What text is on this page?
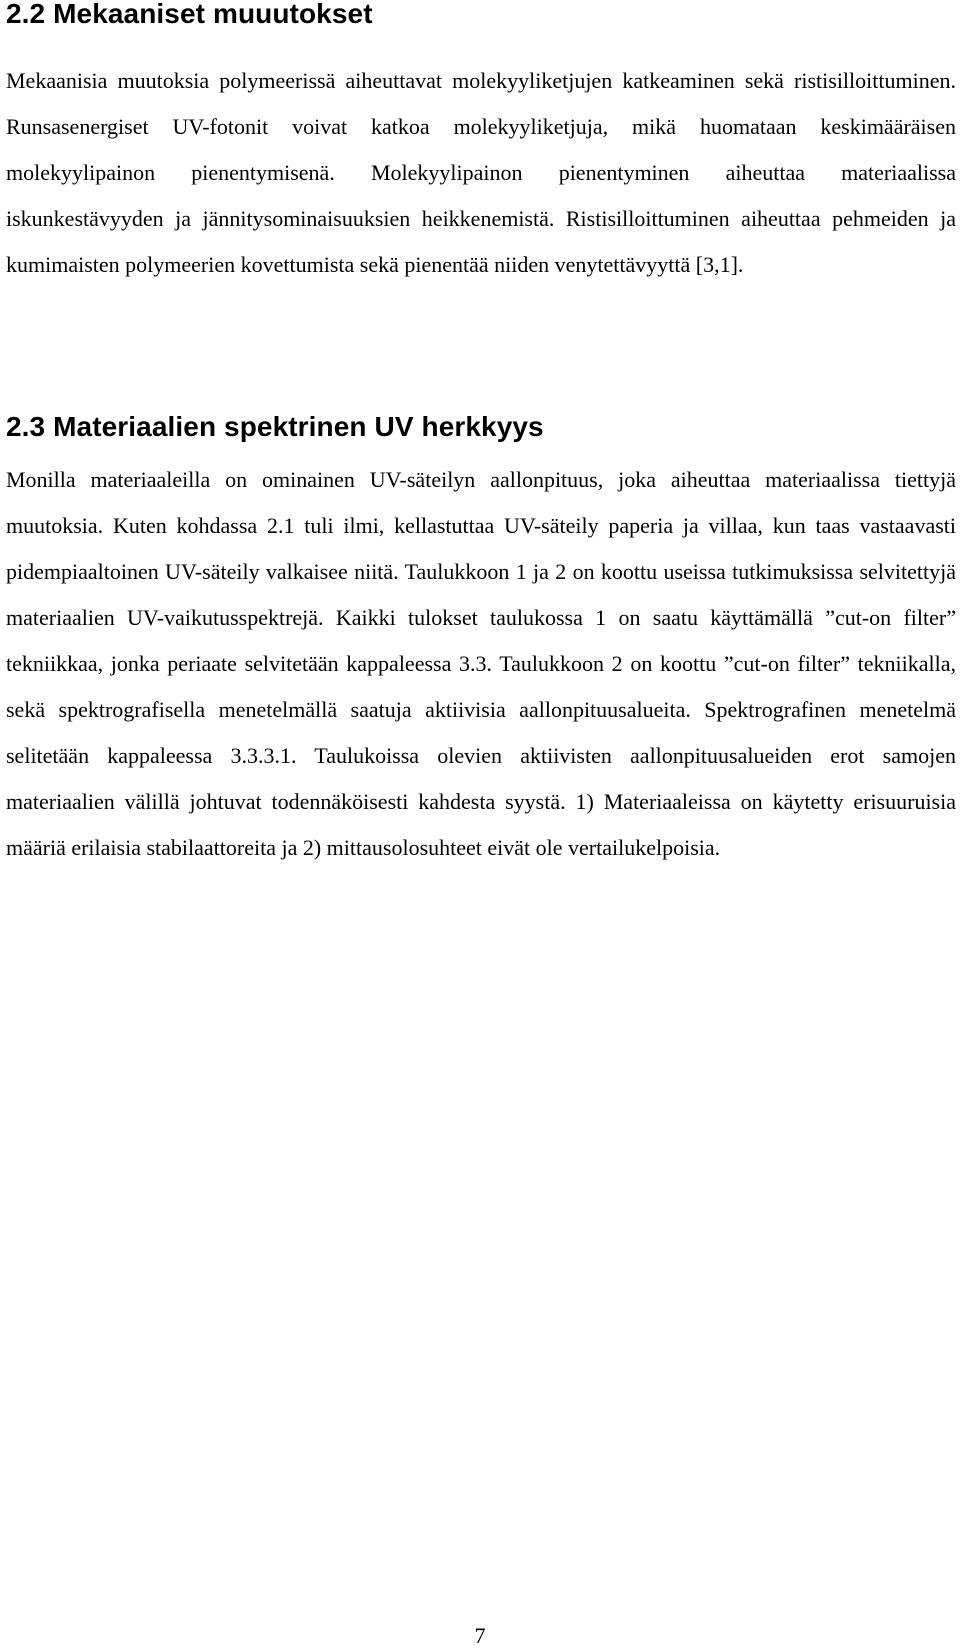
2.2 Mekaaniset muuutokset

Mekaanisia muutoksia polymeerissä aiheuttavat molekyyliketjujen katkeaminen sekä ristisilloittuminen. Runsasenergiset UV-fotonit voivat katkoa molekyyliketjuja, mikä huomataan keskimääräisen molekyylipainon pienentymisenä. Molekyylipainon pienentyminen aiheuttaa materiaalissa iskunkestävyyden ja jännitysominaisuuksien heikkenemistä. Ristisilloittuminen aiheuttaa pehmeiden ja kumimaisten polymeerien kovettumista sekä pienentää niiden venytettävyyttä [3,1].

2.3 Materiaalien spektrinen UV herkkyys

Monilla materiaaleilla on ominainen UV-säteilyn aallonpituus, joka aiheuttaa materiaalissa tiettyjä muutoksia. Kuten kohdassa 2.1 tuli ilmi, kellastuttaa UV-säteily paperia ja villaa, kun taas vastaavasti pidempiaaltoinen UV-säteily valkaisee niitä. Taulukkoon 1 ja 2 on koottu useissa tutkimuksissa selvitettyjä materiaalien UV-vaikutusspektrejä. Kaikki tulokset taulukossa 1 on saatu käyttämällä ”cut-on filter” tekniikkaa, jonka periaate selvitetään kappaleessa 3.3. Taulukkoon 2 on koottu ”cut-on filter” tekniikalla, sekä spektrografisella menetelmällä saatuja aktiivisia aallonpituusalueita. Spektrografinen menetelmä selitetään kappaleessa 3.3.3.1. Taulukoissa olevien aktiivisten aallonpituusalueiden erot samojen materiaalien välillä johtuvat todennäköisesti kahdesta syystä. 1) Materiaaleissa on käytetty erisuuruisia määriä erilaisia stabilaattoreita ja 2) mittausolosuhteet eivät ole vertailukelpoisia.

7
